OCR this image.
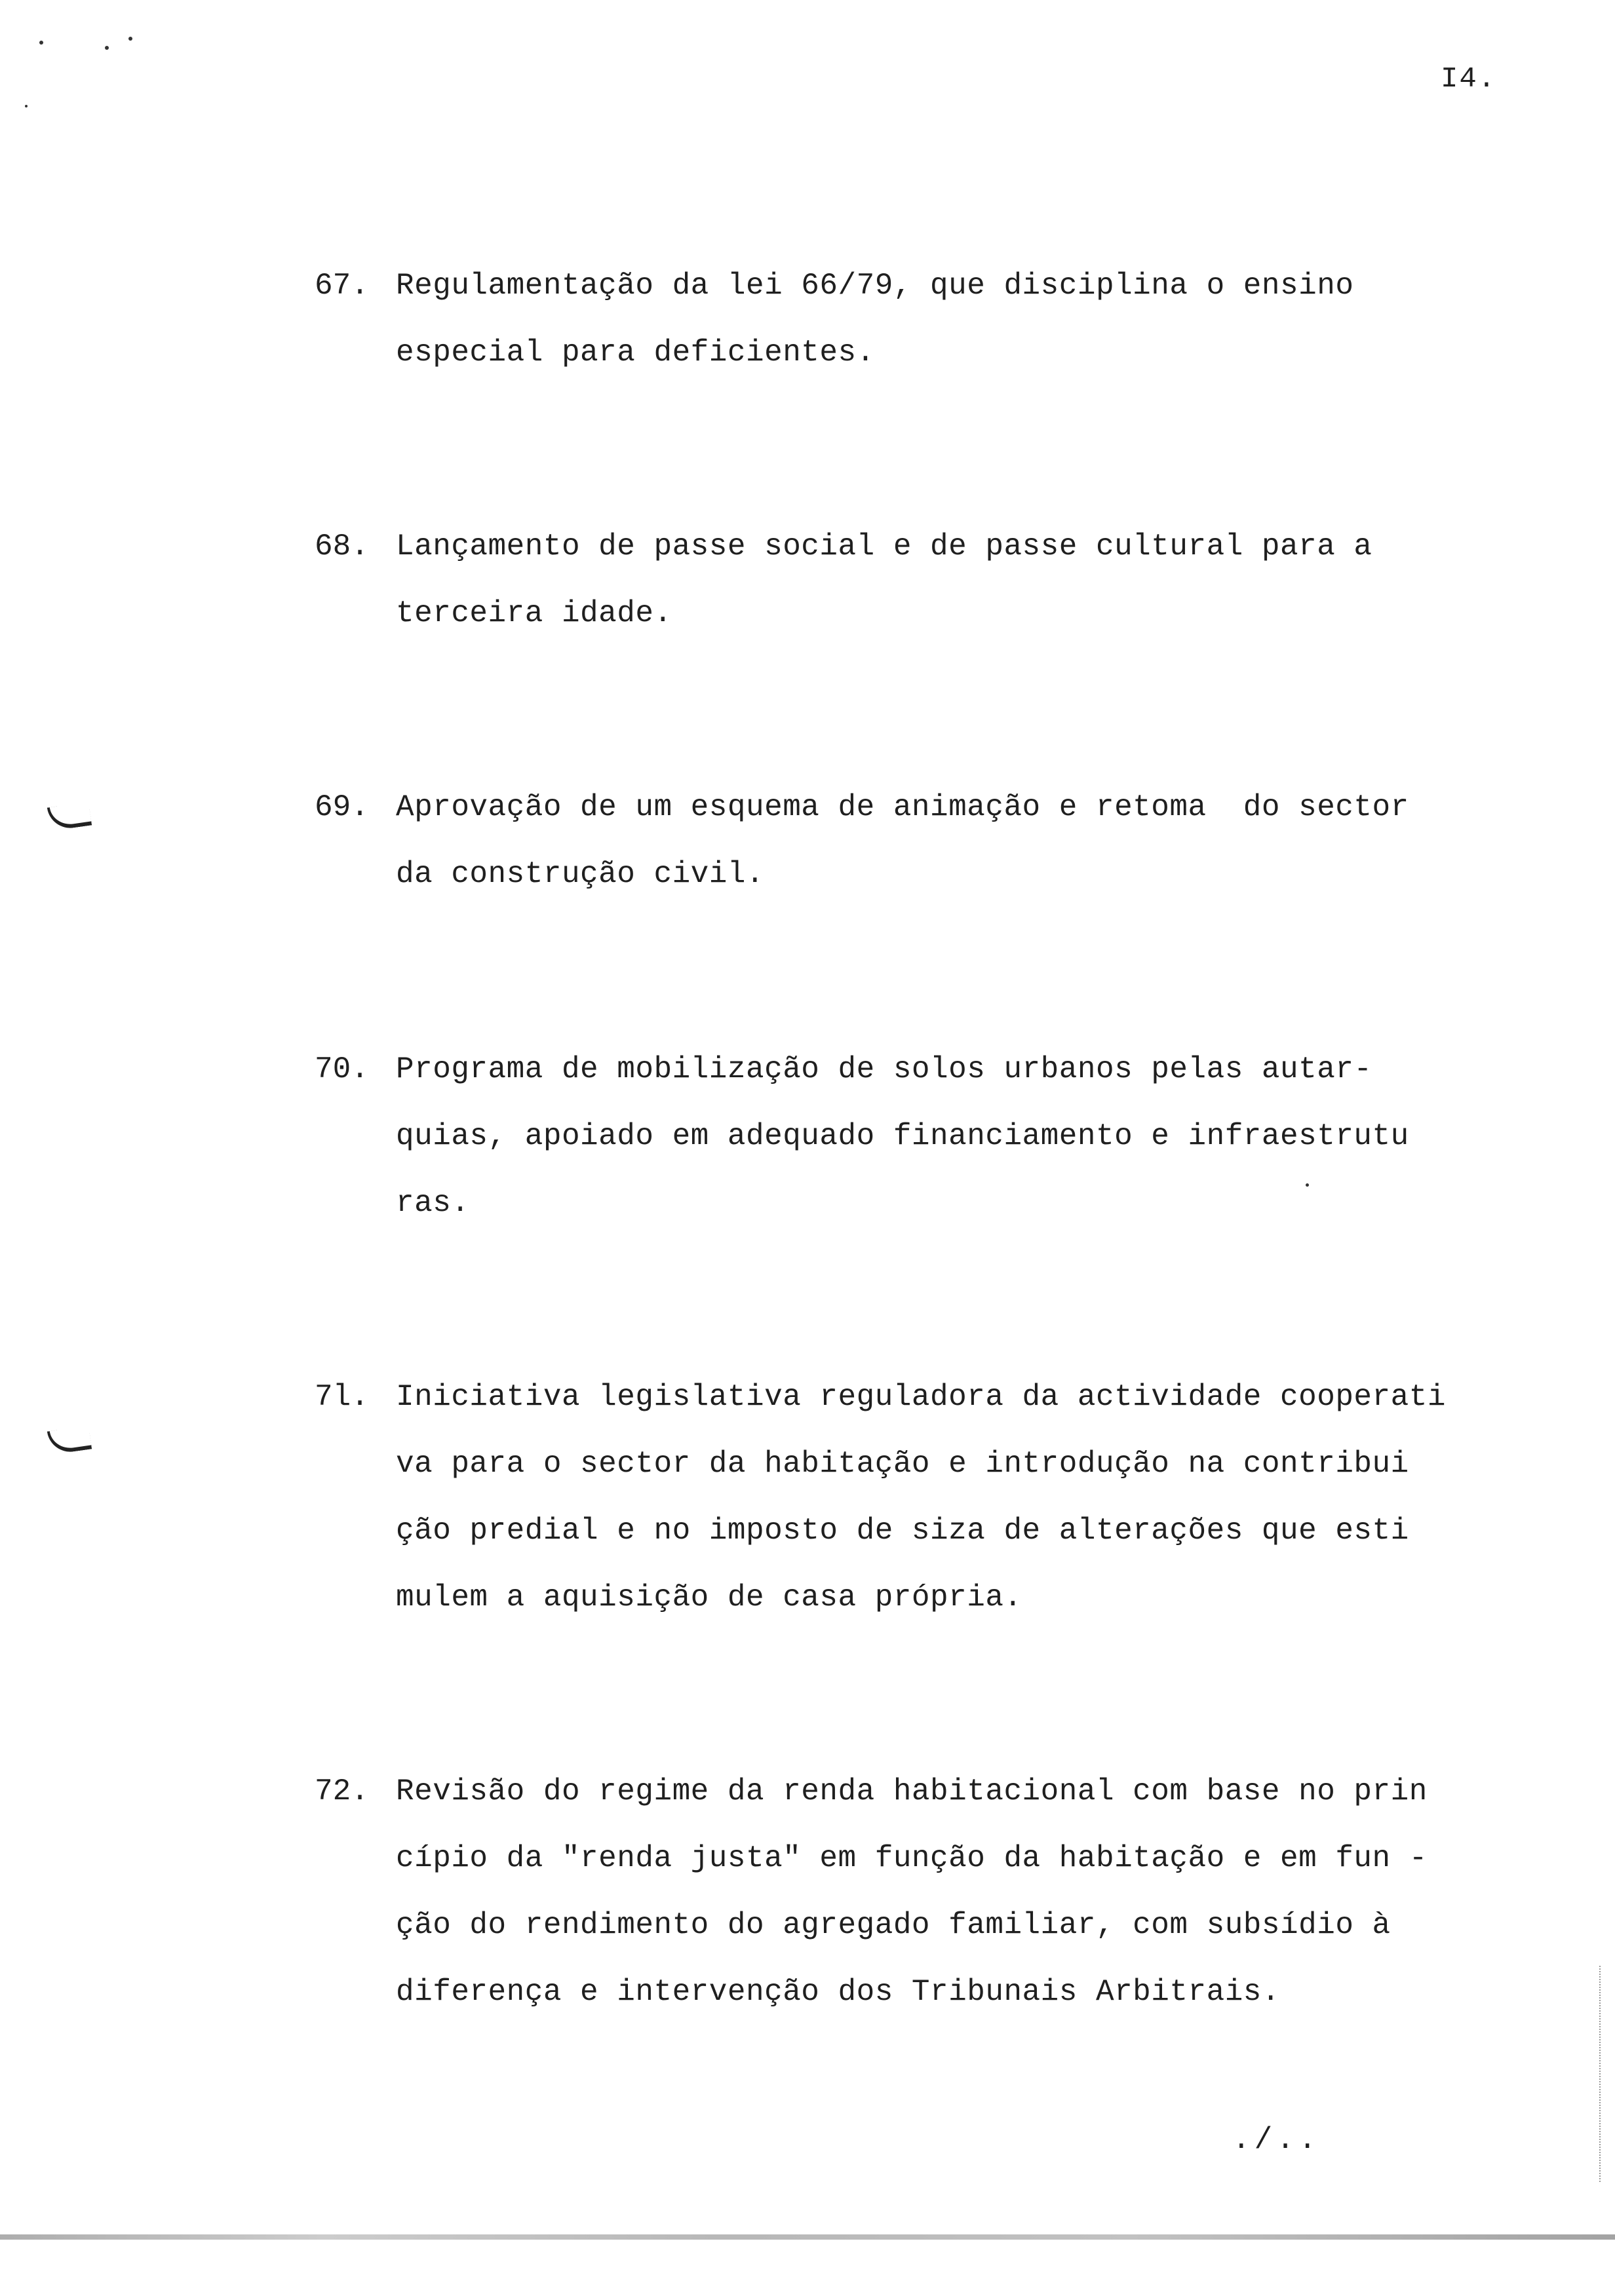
I4.
67. Regulamentação da lei 66/79, que disciplina o ensino
especial para deficientes.
68. Lançamento de passe social e de passe cultural para a
terceira idade.
69. Aprovação de um esquema de animação e retoma  do sector
da construção civil.
70. Programa de mobilização de solos urbanos pelas autar-
quias, apoiado em adequado financiamento e infraestrutu
ras.
7l. Iniciativa legislativa reguladora da actividade cooperati
va para o sector da habitação e introdução na contribui
ção predial e no imposto de siza de alterações que esti
mulem a aquisição de casa própria.
72. Revisão do regime da renda habitacional com base no prin
cípio da "renda justa" em função da habitação e em fun -
ção do rendimento do agregado familiar, com subsídio à
diferença e intervenção dos Tribunais Arbitrais.
./..
